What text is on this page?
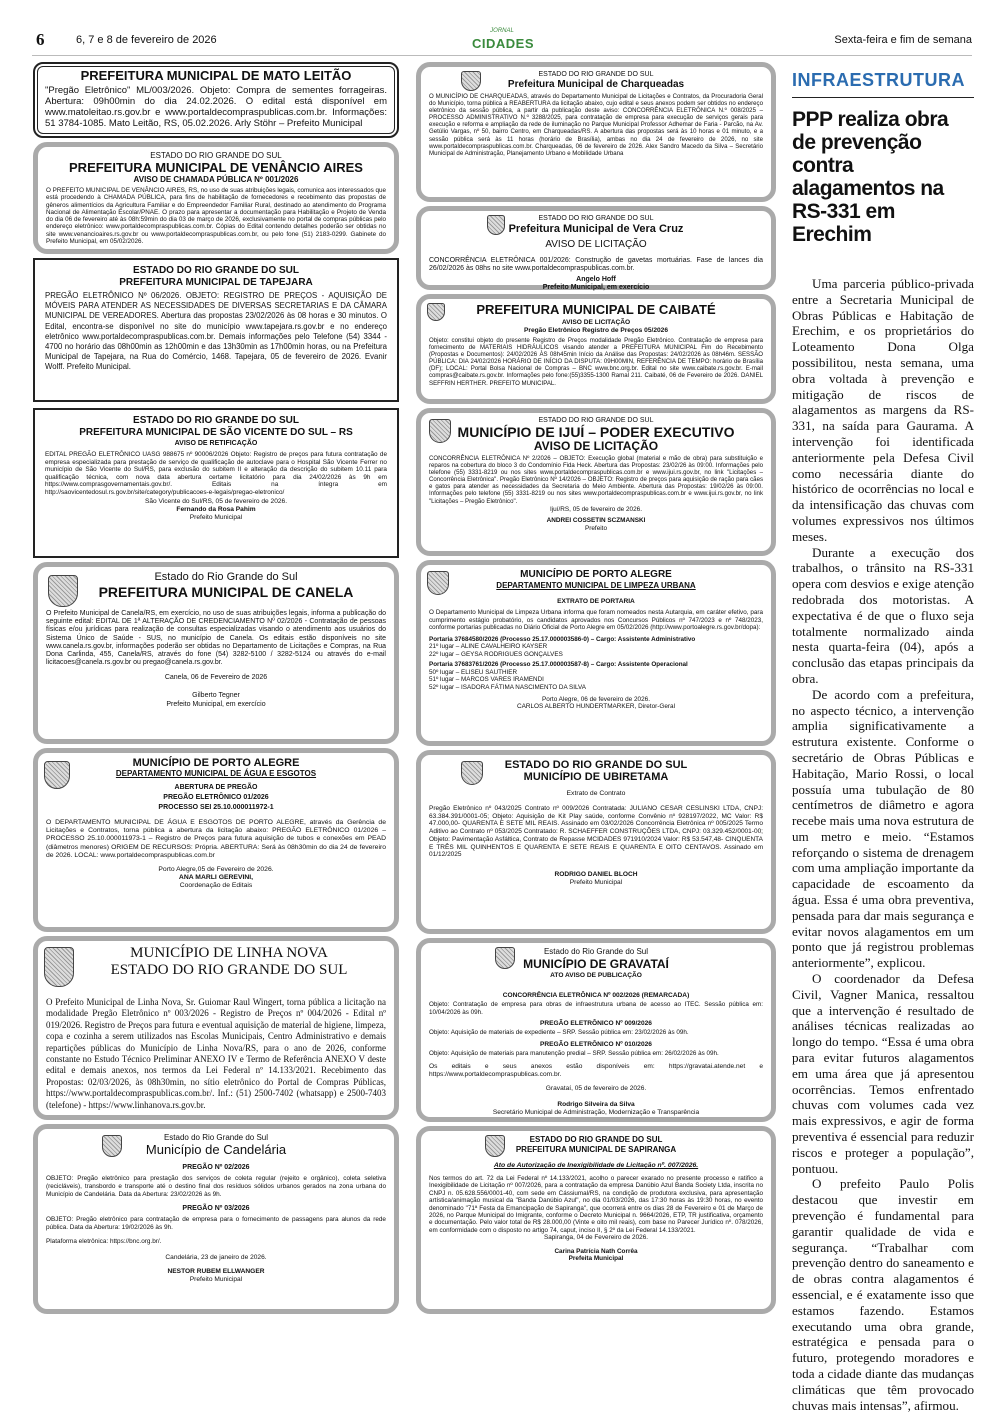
6	6, 7 e 8 de fevereiro de 2026
JORNAL
CIDADES	Sexta-feira e fim de semana
PREFEITURA MUNICIPAL DE MATO LEITÃO

"Pregão Eletrônico" ML/003/2026. Objeto: Compra de sementes forrageiras. Abertura: 09h00min do dia 24.02.2026. O edital está disponível em www.matoleitao.rs.gov.br e www.portaldecompraspublicas.com.br. Informações: 51 3784-1085. Mato Leitão, RS, 05.02.2026. Arly Stöhr – Prefeito Municipal

ESTADO DO RIO GRANDE DO SUL
PREFEITURA MUNICIPAL DE VENÂNCIO AIRES
AVISO DE CHAMADA PÚBLICA Nº 001/2026

O PREFEITO MUNICIPAL DE VENÂNCIO AIRES, RS, no uso de suas atribuições legais, comunica aos interessados que está procedendo à CHAMADA PÚBLICA, para fins de habilitação de fornecedores e recebimento das propostas de gêneros alimentícios da Agricultura Familiar e do Empreendedor Familiar Rural, destinado ao atendimento do Programa Nacional de Alimentação Escolar/PNAE. O prazo para apresentar a documentação para Habilitação e Projeto de Venda do dia 06 de fevereiro até às 08h:59min do dia 03 de março de 2026, exclusivamente no portal de compras públicas pelo endereço eletrônico: www.portaldecompraspublicas.com.br. Cópias do Edital contendo detalhes poderão ser obtidas no site www.venancioaires.rs.gov.br ou www.portaldecompraspublicas.com.br, ou pelo fone (51) 2183-0299. Gabinete do Prefeito Municipal, em 05/02/2026.

ESTADO DO RIO GRANDE DO SUL
PREFEITURA MUNICIPAL DE TAPEJARA

PREGÃO ELETRÔNICO Nº 06/2026. OBJETO: REGISTRO DE PREÇOS - AQUISIÇÃO DE MÓVEIS PARA ATENDER AS NECESSIDADES DE DIVERSAS SECRETARIAS E DA CÂMARA MUNICIPAL DE VEREADORES. Abertura das propostas 23/02/2026 às 08 horas e 30 minutos. O Edital, encontra-se disponível no site do município www.tapejara.rs.gov.br e no endereço eletrônico www.portaldecompraspublicas.com.br. Demais informações pelo Telefone (54) 3344 - 4700 no horário das 08h00min as 12h00min e das 13h30min as 17h00min horas, ou na Prefeitura Municipal de Tapejara, na Rua do Comércio, 1468. Tapejara, 05 de fevereiro de 2026. Evanir Wolff. Prefeito Municipal.

ESTADO DO RIO GRANDE DO SUL
PREFEITURA MUNICIPAL DE SÃO VICENTE DO SUL – RS
AVISO DE RETIFICAÇÃO

EDITAL PREGÃO ELETRÔNICO UASG 988675 nº 90006/2026 Objeto: Registro de preços para futura contratação de empresa especializada para prestação de serviço de qualificação de autoclave para o Hospital São Vicente Ferrer no município de São Vicente do Sul/RS, para exclusão do subitem II e alteração da descrição do subitem 10.11 para qualificação técnica, com nova data abertura certame licitatório para dia 24/02/2026 às 9h em https://www.comprasgovernamentais.gov.br/. Editais na íntegra em http://saovicentedosul.rs.gov.br/site/category/publicacoes-e-legais/pregao-eletronico/

São Vicente do Sul/RS, 05 de fevereiro de 2026.
Fernando da Rosa Pahim
Prefeito Municipal
Estado do Rio Grande do Sul
PREFEITURA MUNICIPAL DE CANELA

O Prefeito Municipal de Canela/RS, em exercício, no uso de suas atribuições legais, informa a publicação do seguinte edital: EDITAL DE 1ª ALTERAÇÃO DE CREDENCIAMENTO Nº 02/2026 - Contratação de pessoas físicas e/ou jurídicas para realização de consultas especializadas visando o atendimento aos usuários do Sistema Único de Saúde - SUS, no município de Canela. Os editais estão disponíveis no site www.canela.rs.gov.br, informações poderão ser obtidas no Departamento de Licitações e Compras, na Rua Dona Carlinda, 455, Canela/RS, através do fone (54) 3282-5100 / 3282-5124 ou através do e-mail licitacoes@canela.rs.gov.br ou pregao@canela.rs.gov.br.

Canela, 06 de Fevereiro de 2026

Gilberto Tegner
Prefeito Municipal, em exercício
MUNICÍPIO DE PORTO ALEGRE
DEPARTAMENTO MUNICIPAL DE ÁGUA E ESGOTOS
ABERTURA DE PREGÃO
PREGÃO ELETRÔNICO 01/2026
PROCESSO SEI 25.10.000011972-1

O DEPARTAMENTO MUNICIPAL DE ÁGUA E ESGOTOS DE PORTO ALEGRE, através da Gerência de Licitações e Contratos, torna pública a abertura da licitação abaixo: PREGÃO ELETRÔNICO 01/2026 – PROCESSO 25.10.000011973-1 – Registro de Preços para futura aquisição de tubos e conexões em PEAD (diâmetros menores) ORIGEM DE RECURSOS: Própria. ABERTURA: Será às 08h30min do dia 24 de fevereiro de 2026. LOCAL: www.portaldecompraspublicas.com.br

Porto Alegre,05 de Fevereiro de 2026.
ANA MARLI GEREVINI,
Coordenação de Editais
MUNICÍPIO DE LINHA NOVA
ESTADO DO RIO GRANDE DO SUL

O Prefeito Municipal de Linha Nova, Sr. Guiomar Raul Wingert, torna pública a licitação na modalidade Pregão Eletrônico nº 003/2026 - Registro de Preços nº 004/2026 - Edital nº 019/2026. Registro de Preços para futura e eventual aquisição de material de higiene, limpeza, copa e cozinha a serem utilizados nas Escolas Municipais, Centro Administrativo e demais repartições públicas do Município de Linha Nova/RS, para o ano de 2026, conforme constante no Estudo Técnico Preliminar ANEXO IV e Termo de Referência ANEXO V deste edital e demais anexos, nos termos da Lei Federal nº 14.133/2021. Recebimento das Propostas: 02/03/2026, às 08h30min, no sítio eletrônico do Portal de Compras Públicas, https://www.portaldecompraspublicas.com.br/. Inf.: (51) 2500-7402 (whatsapp) e 2500-7403 (telefone) - https://www.linhanova.rs.gov.br.

Estado do Rio Grande do Sul
Município de Candelária
PREGÃO Nº 02/2026

OBJETO: Pregão eletrônico para prestação dos serviços de coleta regular (rejeito e orgânico), coleta seletiva (recicláveis), transbordo e transporte até o destino final dos resíduos sólidos urbanos gerados na zona urbana do Município de Candelária. Data da Abertura: 23/02/2026 às 9h.

PREGÃO Nº 03/2026

OBJETO: Pregão eletrônico para contratação de empresa para o fornecimento de passagens para alunos da rede pública. Data da Abertura: 19/02/2026 às 9h.

Plataforma eletrônica: https://bnc.org.br/.

Candelária, 23 de janeiro de 2026.
NESTOR RUBEM ELLWANGER
Prefeito Municipal
ESTADO DO RIO GRANDE DO SUL
Prefeitura Municipal de Charqueadas

O MUNICÍPIO DE CHARQUEADAS, através do Departamento Municipal de Licitações e Contratos, da Procuradoria Geral do Município, torna pública a REABERTURA da licitação abaixo, cujo edital e seus anexos podem ser obtidos no endereço eletrônico da sessão pública, a partir da publicação deste aviso: CONCORRÊNCIA ELETRÔNICA N.º 008/2025 – PROCESSO ADMINISTRATIVO N.º 3288/2025, para contratação de empresa para execução de serviços gerais para execução e reforma e ampliação da rede de iluminação no Parque Municipal Professor Adhemar de Faria - Parcão, na Av. Getúlio Vargas, nº 50, bairro Centro, em Charqueadas/RS. A abertura das propostas será às 10 horas e 01 minuto, e a sessão pública será às 11 horas (horário de Brasília), ambas no dia 24 de fevereiro de 2026, no site www.portaldecompraspublicas.com.br. Charqueadas, 06 de fevereiro de 2026. Alex Sandro Macedo da Silva – Secretário Municipal de Administração, Planejamento Urbano e Mobilidade Urbana

ESTADO DO RIO GRANDE DO SUL
Prefeitura Municipal de Vera Cruz
AVISO DE LICITAÇÃO

CONCORRÊNCIA ELETRÔNICA 001/2026: Construção de gavetas mortuárias. Fase de lances dia 26/02/2026 às 08hs no site www.portaldecompraspublicas.com.br.

Angelo Hoff
Prefeito Municipal, em exercício
PREFEITURA MUNICIPAL DE CAIBATÉ
AVISO DE LICITAÇÃO
Pregão Eletrônico Registro de Preços 05/2026

Objeto: constitui objeto do presente Registro de Preços modalidade Pregão Eletrônico. Contratação de empresa para fornecimento de MATERIAIS HIDRÁULICOS visando atender a PREFEITURA MUNICIPAL Fim do Recebimento (Propostas e Documentos): 24/02/2026 ÀS 08h45min Início da Análise das Propostas: 24/02/2026 às 08h46m. SESSÃO PÚBLICA: DIA 24/02/2026 HORÁRIO DE INÍCIO DA DISPUTA: 09H00MIN, REFERÊNCIA DE TEMPO: horário de Brasília (DF); LOCAL: Portal Bolsa Nacional de Compras – BNC www.bnc.org.br. Edital no site www.caibate.rs.gov.br. E-mail compras@caibate.rs.gov.br. Informações pelo fone:(55)3355-1300 Ramal 211. Caibaté, 06 de Fevereiro de 2026. DANIEL SEFFRIN HERTHER. PREFEITO MUNICIPAL.

ESTADO DO RIO GRANDE DO SUL
MUNICÍPIO DE IJUÍ – PODER EXECUTIVO
AVISO DE LICITAÇÃO

CONCORRÊNCIA ELETRÔNICA Nº 2/2026 – OBJETO: Execução global (material e mão de obra) para substituição e reparos na cobertura do bloco 3 do Condomínio Fida Heck. Abertura das Propostas: 23/02/26 às 09:00. Informações pelo telefone (55) 3331-8219 ou nos sites www.portaldecompraspublicas.com.br e www.ijui.rs.gov.br, no link "Licitações – Concorrência Eletrônica". Pregão Eletrônico Nº 14/2026 – OBJETO: Registro de preços para aquisição de ração para cães e gatos para atender as necessidades da Secretaria do Meio Ambiente. Abertura das Propostas: 19/02/26 às 09:00. Informações pelo telefone (55) 3331-8219 ou nos sites www.portaldecompraspublicas.com.br e www.ijui.rs.gov.br, no link "Licitações – Pregão Eletrônico".

Ijuí/RS, 05 de fevereiro de 2026.
ANDREI COSSETIN SCZMANSKI
Prefeito
MUNICÍPIO DE PORTO ALEGRE
DEPARTAMENTO MUNICIPAL DE LIMPEZA URBANA
EXTRATO DE PORTARIA

O Departamento Municipal de Limpeza Urbana informa que foram nomeados nesta Autarquia, em caráter efetivo, para cumprimento estágio probatório, os candidatos aprovados nos Concursos Públicos nº 747/2023 e nº 748/2023, conforme portarias publicadas no Diário Oficial de Porto Alegre em 05/02/2026 (http://www.portoalegre.rs.gov.br/dopa):

Portaria 37684580/2026 (Processo 25.17.000003586-0) – Cargo: Assistente Administrativo
21º lugar – ALINE CAVALHEIRO KAYSER
22º lugar – GEYSA RODRIGUES GONÇALVES
Portaria 37683761/2026 (Processo 25.17.000003587-8) – Cargo: Assistente Operacional
50º lugar – ELISEU SAUTHIER
51º lugar – MARCOS VARES IRAMENDI
52º lugar – ISADORA FÁTIMA NASCIMENTO DA SILVA
Porto Alegre, 06 de fevereiro de 2026.
CARLOS ALBERTO HUNDERTMARKER, Diretor-Geral
ESTADO DO RIO GRANDE DO SUL
MUNICÍPIO DE UBIRETAMA
Extrato de Contrato

Pregão Eletrônico nº 043/2025 Contrato nº 009/2026 Contratada: JULIANO CESAR CESLINSKI LTDA, CNPJ: 63.384.391/0001-05; Objeto: Aquisição de Kit Play saúde, conforme Convênio nº 928197/2022, MC Valor: R$ 47.000,00- QUARENTA E SETE MIL REAIS. Assinado em 03/02/2026 Concorrência Eletrônica nº 005/2025 Termo Aditivo ao Contrato nº 053/2025 Contratado: R. SCHAEFFER CONSTRUÇÕES LTDA, CNPJ: 03.329.452/0001-00; Objeto: Pavimentação Asfáltica, Contrato de Repasse MCIDADES 971910/2024 Valor: R$ 53.547,48- CINQUENTA E TRÊS MIL QUINHENTOS E QUARENTA E SETE REAIS E QUARENTA E OITO CENTAVOS. Assinado em 01/12/2025

RODRIGO DANIEL BLOCH
Prefeito Municipal
Estado do Rio Grande do Sul
MUNICÍPIO DE GRAVATAÍ
ATO AVISO DE PUBLICAÇÃO
CONCORRÊNCIA ELETRÔNICA Nº 002/2026 (REMARCADA)

Objeto: Contratação de empresa para obras de infraestrutura urbana de acesso ao ITEC. Sessão pública em: 10/04/2026 às 09h.

PREGÃO ELETRÔNICO Nº 009/2026

Objeto: Aquisição de materiais de expediente – SRP. Sessão pública em: 23/02/2026 às 09h.

PREGÃO ELETRÔNICO Nº 010/2026

Objeto: Aquisição de materiais para manutenção predial – SRP. Sessão pública em: 26/02/2026 às 09h.

Os editais e seus anexos estão disponíveis em: https://gravatai.atende.net e https://www.portaldecompraspublicas.com.br.

Gravataí, 05 de fevereiro de 2026.
Rodrigo Silveira da Silva
Secretário Municipal de Administração, Modernização e Transparência
ESTADO DO RIO GRANDE DO SUL
PREFEITURA MUNICIPAL DE SAPIRANGA
Ato de Autorização de Inexigibilidade de Licitação nº. 007/2026.

Nos termos do art. 72 da Lei Federal nº 14.133/2021, acolho o parecer exarado no presente processo e ratifico a Inexigibilidade de Licitação nº 007/2026, para a contratação da empresa Danúbio Azul Banda Society Ltda, inscrita no CNPJ n. 05.628.556/0001-40, com sede em Cássiumal/RS, na condição de produtora exclusiva, para apresentação artística/animação musical da "Banda Danúbio Azul", no dia 01/03/2026, das 17:30 horas às 19:30 horas, no evento denominado "71ª Festa da Emancipação de Sapiranga", que ocorrerá entre os dias 28 de Fevereiro e 01 de Março de 2026, no Parque Municipal do Imigrante, conforme o Decreto Municipal n. 9664/2026, ETP, TR justificativa, orçamento e documentação. Pelo valor total de R$ 28.000,00 (Vinte e oito mil reais), com base no Parecer Jurídico nº. 078/2026, em conformidade com o disposto no artigo 74, caput, inciso II, § 2º da Lei Federal 14.133/2021.

Sapiranga, 04 de Fevereiro de 2026.
Carina Patrícia Nath Corrêa
Prefeita Municipal
INFRAESTRUTURA
PPP realiza obra de prevenção contra alagamentos na RS-331 em Erechim

Uma parceria público-privada entre a Secretaria Municipal de Obras Públicas e Habitação de Erechim, e os proprietários do Loteamento Dona Olga possibilitou, nesta semana, uma obra voltada à prevenção e mitigação de riscos de alagamentos as margens da RS-331, na saída para Gaurama. A intervenção foi identificada anteriormente pela Defesa Civil como necessária diante do histórico de ocorrências no local e da intensificação das chuvas com volumes expressivos nos últimos meses.

Durante a execução dos trabalhos, o trânsito na RS-331 opera com desvios e exige atenção redobrada dos motoristas. A expectativa é de que o fluxo seja totalmente normalizado ainda nesta quarta-feira (04), após a conclusão das etapas principais da obra.

De acordo com a prefeitura, no aspecto técnico, a intervenção amplia significativamente a estrutura existente. Conforme o secretário de Obras Públicas e Habitação, Mario Rossi, o local possuía uma tubulação de 80 centímetros de diâmetro e agora recebe mais uma nova estrutura de um metro e meio. “Estamos reforçando o sistema de drenagem com uma ampliação importante da capacidade de escoamento da água. Essa é uma obra preventiva, pensada para dar mais segurança e evitar novos alagamentos em um ponto que já registrou problemas anteriormente”, explicou.

O coordenador da Defesa Civil, Vagner Manica, ressaltou que a intervenção é resultado de análises técnicas realizadas ao longo do tempo. “Essa é uma obra para evitar futuros alagamentos em uma área que já apresentou ocorrências. Temos enfrentado chuvas com volumes cada vez mais expressivos, e agir de forma preventiva é essencial para reduzir riscos e proteger a população”, pontuou.

O prefeito Paulo Polis destacou que investir em prevenção é fundamental para garantir qualidade de vida e segurança. “Trabalhar com prevenção dentro do saneamento e de obras contra alagamentos é essencial, e é exatamente isso que estamos fazendo. Estamos executando uma obra grande, estratégica e pensada para o futuro, protegendo moradores e toda a cidade diante das mudanças climáticas que têm provocado chuvas mais intensas”, afirmou.
